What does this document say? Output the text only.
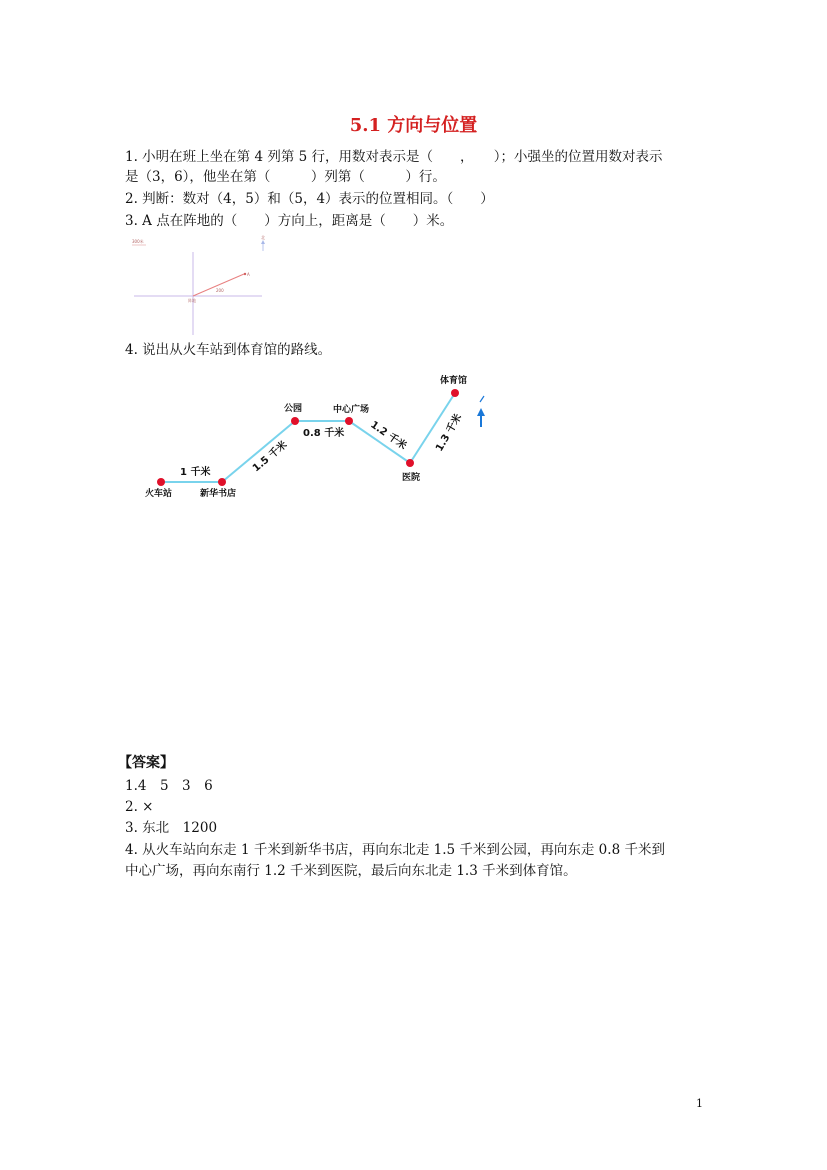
5.1 方向与位置
1. 小明在班上坐在第 4 列第 5 行，用数对表示是（　　，　　）；小强坐的位置用数对表示
是（3，6），他坐在第（　　　）列第（　　　）行。
2. 判断：数对（4，5）和（5，4）表示的位置相同。（　　）
3. A 点在阵地的（　　）方向上，距离是（　　）米。
300米
A
200
阵地
北
4. 说出从火车站到体育馆的路线。
火车站	新华书店
公园	中心广场
医院
体育馆
1 千米	1.5 千米
0.8 千米 1.2 千米	1.3 千米
【答案】
1.4　5　3　6
2. ×
3. 东北　1200
4. 从火车站向东走 1 千米到新华书店，再向东北走 1.5 千米到公园，再向东走 0.8 千米到
中心广场，再向东南行 1.2 千米到医院，最后向东北走 1.3 千米到体育馆。
1
